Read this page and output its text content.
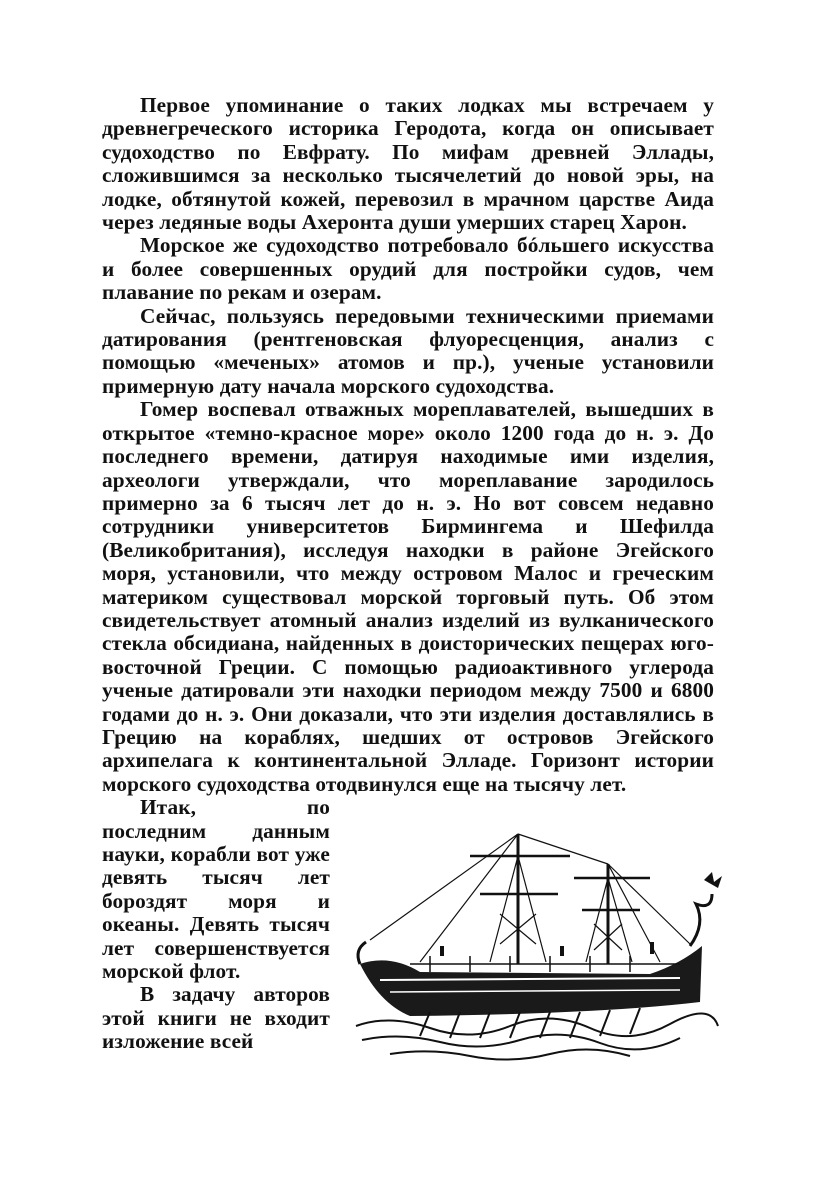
Первое упоминание о таких лодках мы встречаем у древнегреческого историка Геродота, когда он описывает судоходство по Евфрату. По мифам древней Эллады, сложившимся за несколько тысячелетий до новой эры, на лодке, обтянутой кожей, перевозил в мрачном царстве Аида через ледяные воды Ахеронта души умерших старец Харон.

Морское же судоходство потребовало бóльшего искусства и более совершенных орудий для постройки судов, чем плавание по рекам и озерам.

Сейчас, пользуясь передовыми техническими приемами датирования (рентгеновская флуоресценция, анализ с помощью «меченых» атомов и пр.), ученые установили примерную дату начала морского судоходства.

Гомер воспевал отважных мореплавателей, вышедших в открытое «темно-красное море» около 1200 года до н. э. До последнего времени, датируя находимые ими изделия, археологи утверждали, что мореплавание зародилось примерно за 6 тысяч лет до н. э. Но вот совсем недавно сотрудники университетов Бирмингема и Шефилда (Великобритания), исследуя находки в районе Эгейского моря, установили, что между островом Малос и греческим материком существовал морской торговый путь. Об этом свидетельствует атомный анализ изделий из вулканического стекла обсидиана, найденных в доисторических пещерах юго-восточной Греции. С помощью радиоактивного углерода ученые датировали эти находки периодом между 7500 и 6800 годами до н. э. Они доказали, что эти изделия доставлялись в Грецию на кораблях, шедших от островов Эгейского архипелага к континентальной Элладе. Горизонт истории морского судоходства отодвинулся еще на тысячу лет.

Итак, по последним данным науки, корабли вот уже девять тысяч лет бороздят моря и океаны. Девять тысяч лет совершенствуется морской флот.

В задачу авторов этой книги не входит изложение всей
